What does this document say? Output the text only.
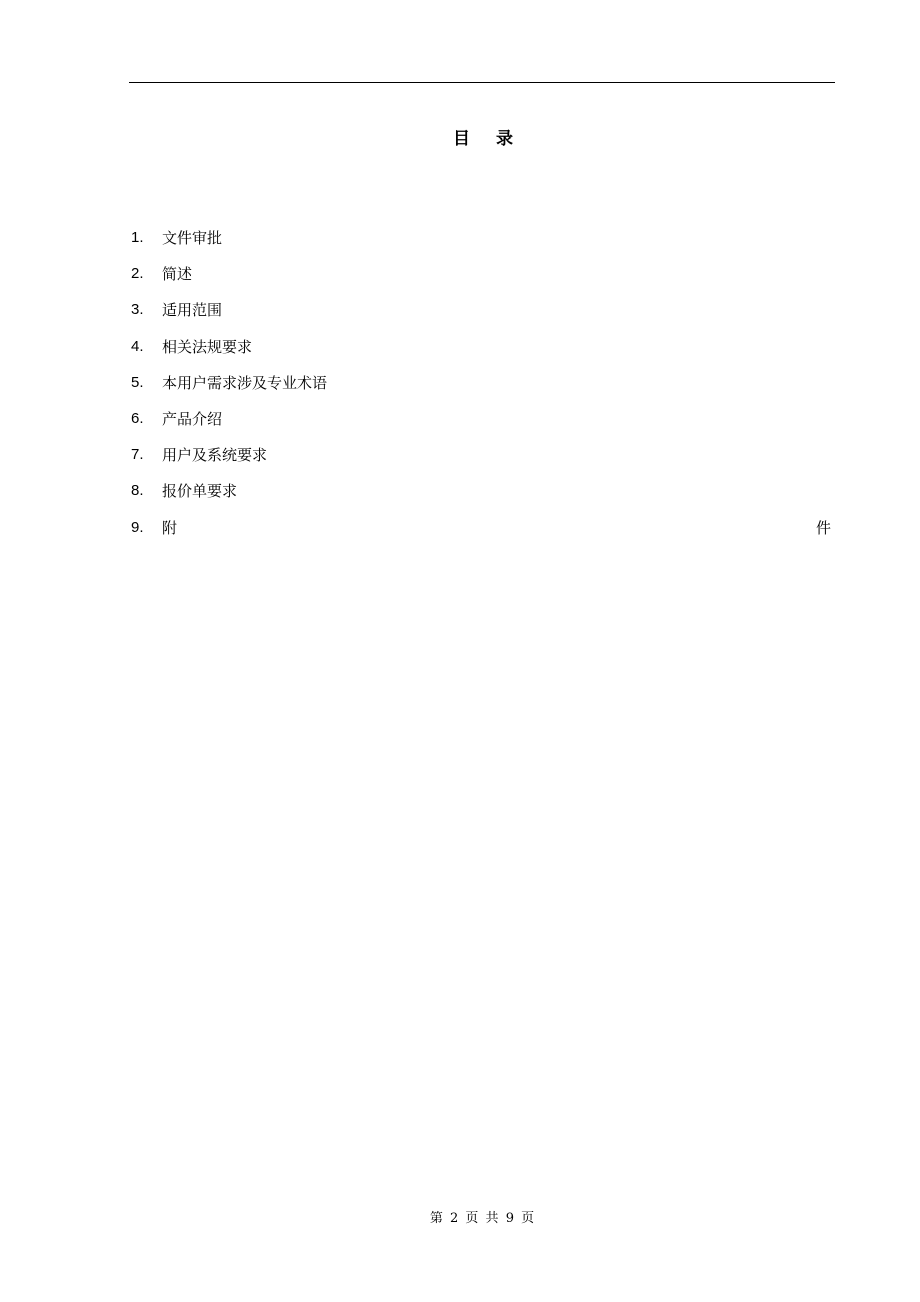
目 录
1. 文件审批
2. 简述
3. 适用范围
4. 相关法规要求
5. 本用户需求涉及专业术语
6. 产品介绍
7. 用户及系统要求
8. 报价单要求
9. 附	件
第 2 页 共 9 页
